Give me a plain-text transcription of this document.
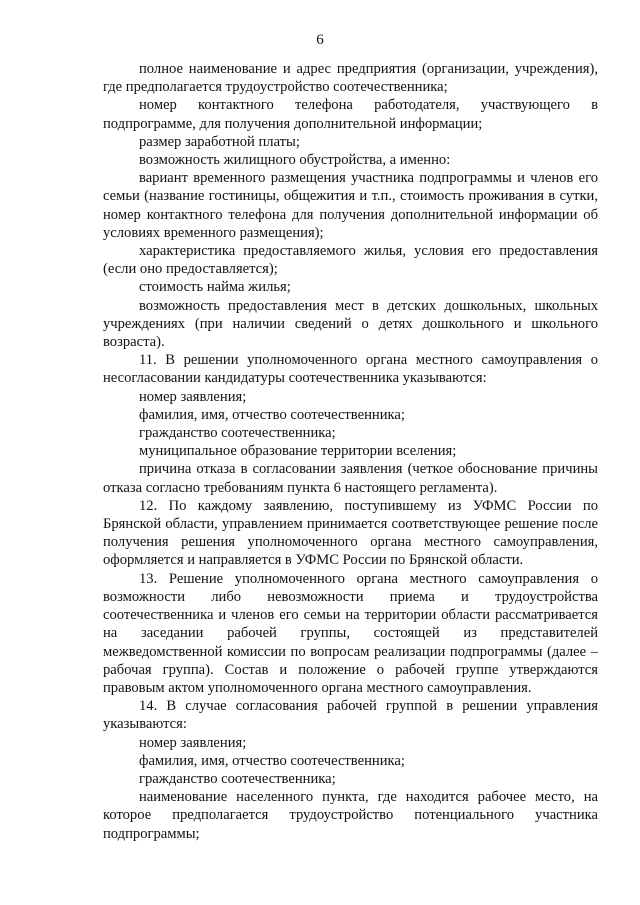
6

полное наименование и адрес предприятия (организации, учреждения), где предполагается трудоустройство соотечественника;

номер контактного телефона работодателя, участвующего в подпрограмме, для получения дополнительной информации;

размер заработной платы;

возможность жилищного обустройства, а именно:

вариант временного размещения участника подпрограммы и членов его семьи (название гостиницы, общежития и т.п., стоимость проживания в сутки, номер контактного телефона для получения дополнительной информации об условиях временного размещения);

характеристика предоставляемого жилья, условия его предоставления (если оно предоставляется);

стоимость найма жилья;

возможность предоставления мест в детских дошкольных, школьных учреждениях (при наличии сведений о детях дошкольного и школьного возраста).

11. В решении уполномоченного органа местного самоуправления о несогласовании кандидатуры соотечественника указываются:

номер заявления;

фамилия, имя, отчество соотечественника;

гражданство соотечественника;

муниципальное образование территории вселения;

причина отказа в согласовании заявления (четкое обоснование причины отказа согласно требованиям пункта 6 настоящего регламента).

12. По каждому заявлению, поступившему из УФМС России по Брянской области, управлением принимается соответствующее решение после получения решения уполномоченного органа местного самоуправления, оформляется и направляется в УФМС России по Брянской области.

13. Решение уполномоченного органа местного самоуправления о возможности либо невозможности приема и трудоустройства соотечественника и членов его семьи на территории области рассматривается на заседании рабочей группы, состоящей из представителей межведомственной комиссии по вопросам реализации подпрограммы (далее – рабочая группа). Состав и положение о рабочей группе утверждаются правовым актом уполномоченного органа местного самоуправления.

14. В случае согласования рабочей группой в решении управления указываются:

номер заявления;

фамилия, имя, отчество соотечественника;

гражданство соотечественника;

наименование населенного пункта, где находится рабочее место, на которое предполагается трудоустройство потенциального участника подпрограммы;
